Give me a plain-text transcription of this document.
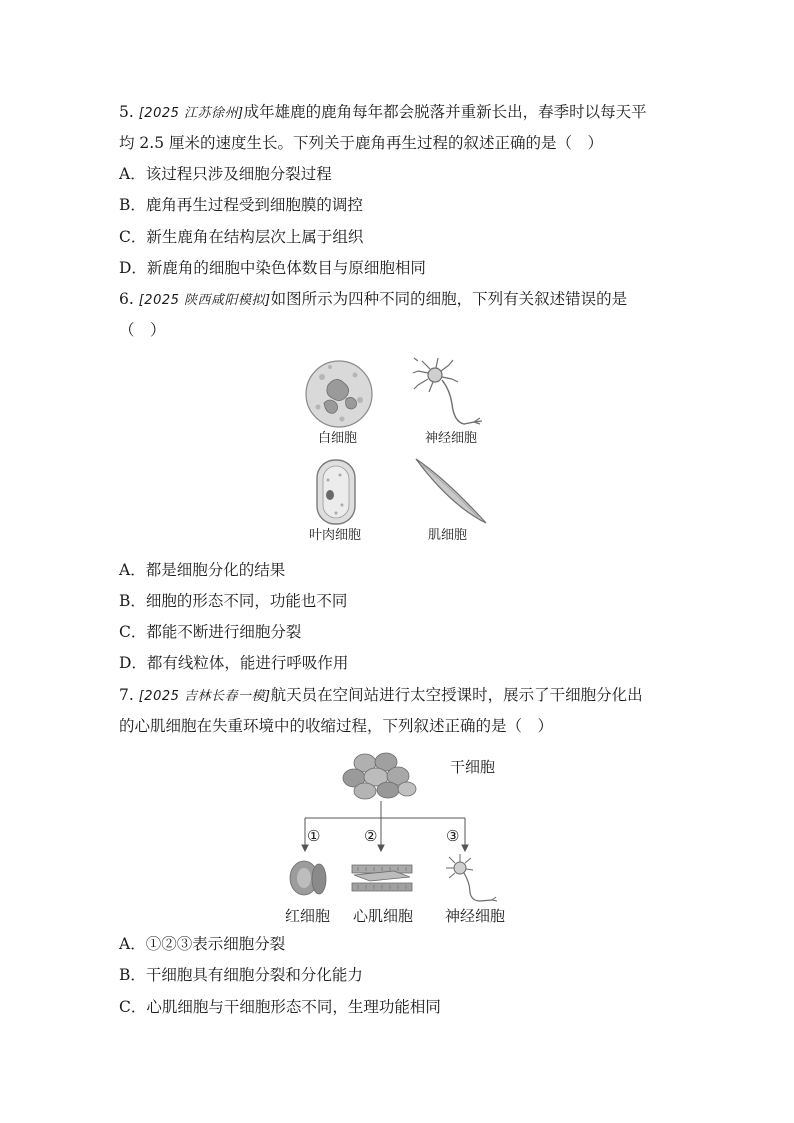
5. [2025 江苏徐州]成年雄鹿的鹿角每年都会脱落并重新长出，春季时以每天平
均 2.5 厘米的速度生长。下列关于鹿角再生过程的叙述正确的是（　）
A．该过程只涉及细胞分裂过程
B．鹿角再生过程受到细胞膜的调控
C．新生鹿角在结构层次上属于组织
D．新鹿角的细胞中染色体数目与原细胞相同
6. [2025 陕西咸阳模拟]如图所示为四种不同的细胞，下列有关叙述错误的是
（　）
白细胞	神经细胞
叶肉细胞	肌细胞
A．都是细胞分化的结果
B．细胞的形态不同，功能也不同
C．都能不断进行细胞分裂
D．都有线粒体，能进行呼吸作用
7. [2025 吉林长春一模]航天员在空间站进行太空授课时，展示了干细胞分化出
的心肌细胞在失重环境中的收缩过程，下列叙述正确的是（　）
干细胞
①	②	③
红细胞 心肌细胞 神经细胞
A．①②③表示细胞分裂
B．干细胞具有细胞分裂和分化能力
C．心肌细胞与干细胞形态不同，生理功能相同
